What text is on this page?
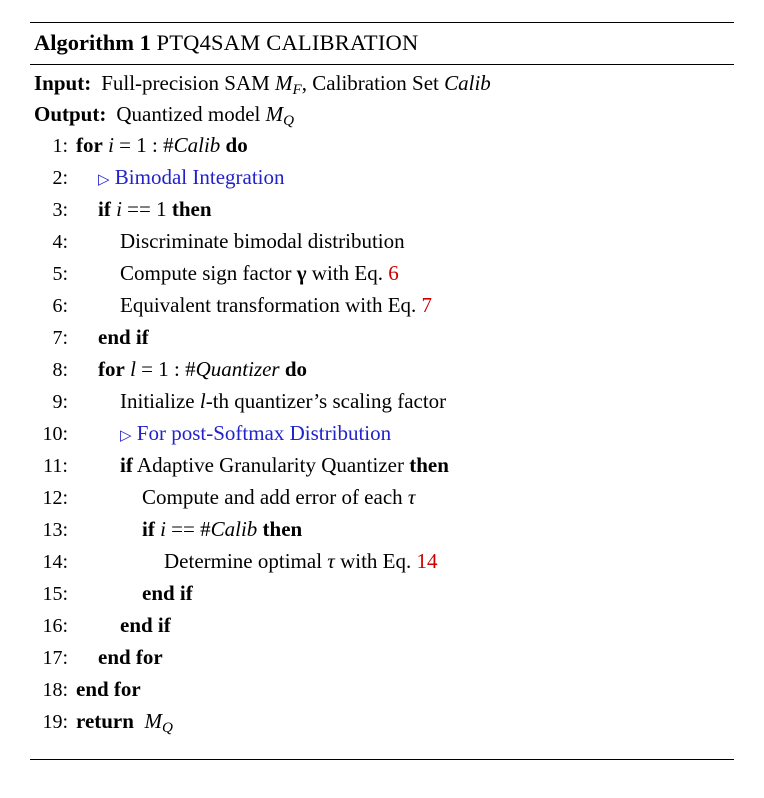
Algorithm 1 PTQ4SAM CALIBRATION
Input: Full-precision SAM $M_F$, Calibration Set Calib
Output: Quantized model $M_Q$
1: for i = 1 : #Calib do
2:	▷ Bimodal Integration
3:	if i == 1 then
4:	Discriminate bimodal distribution
5:	Compute sign factor γ with Eq. 6
6:	Equivalent transformation with Eq. 7
7:	end if
8:	for l = 1 : #Quantizer do
9:	Initialize l-th quantizer’s scaling factor
10:	▷ For post-Softmax Distribution
11:	if Adaptive Granularity Quantizer then
12:	Compute and add error of each τ
13:	if i == #Calib then
14:	Determine optimal τ with Eq. 14
15:	end if
16:	end if
17:	end for
18: end for
19: return $M_Q$
